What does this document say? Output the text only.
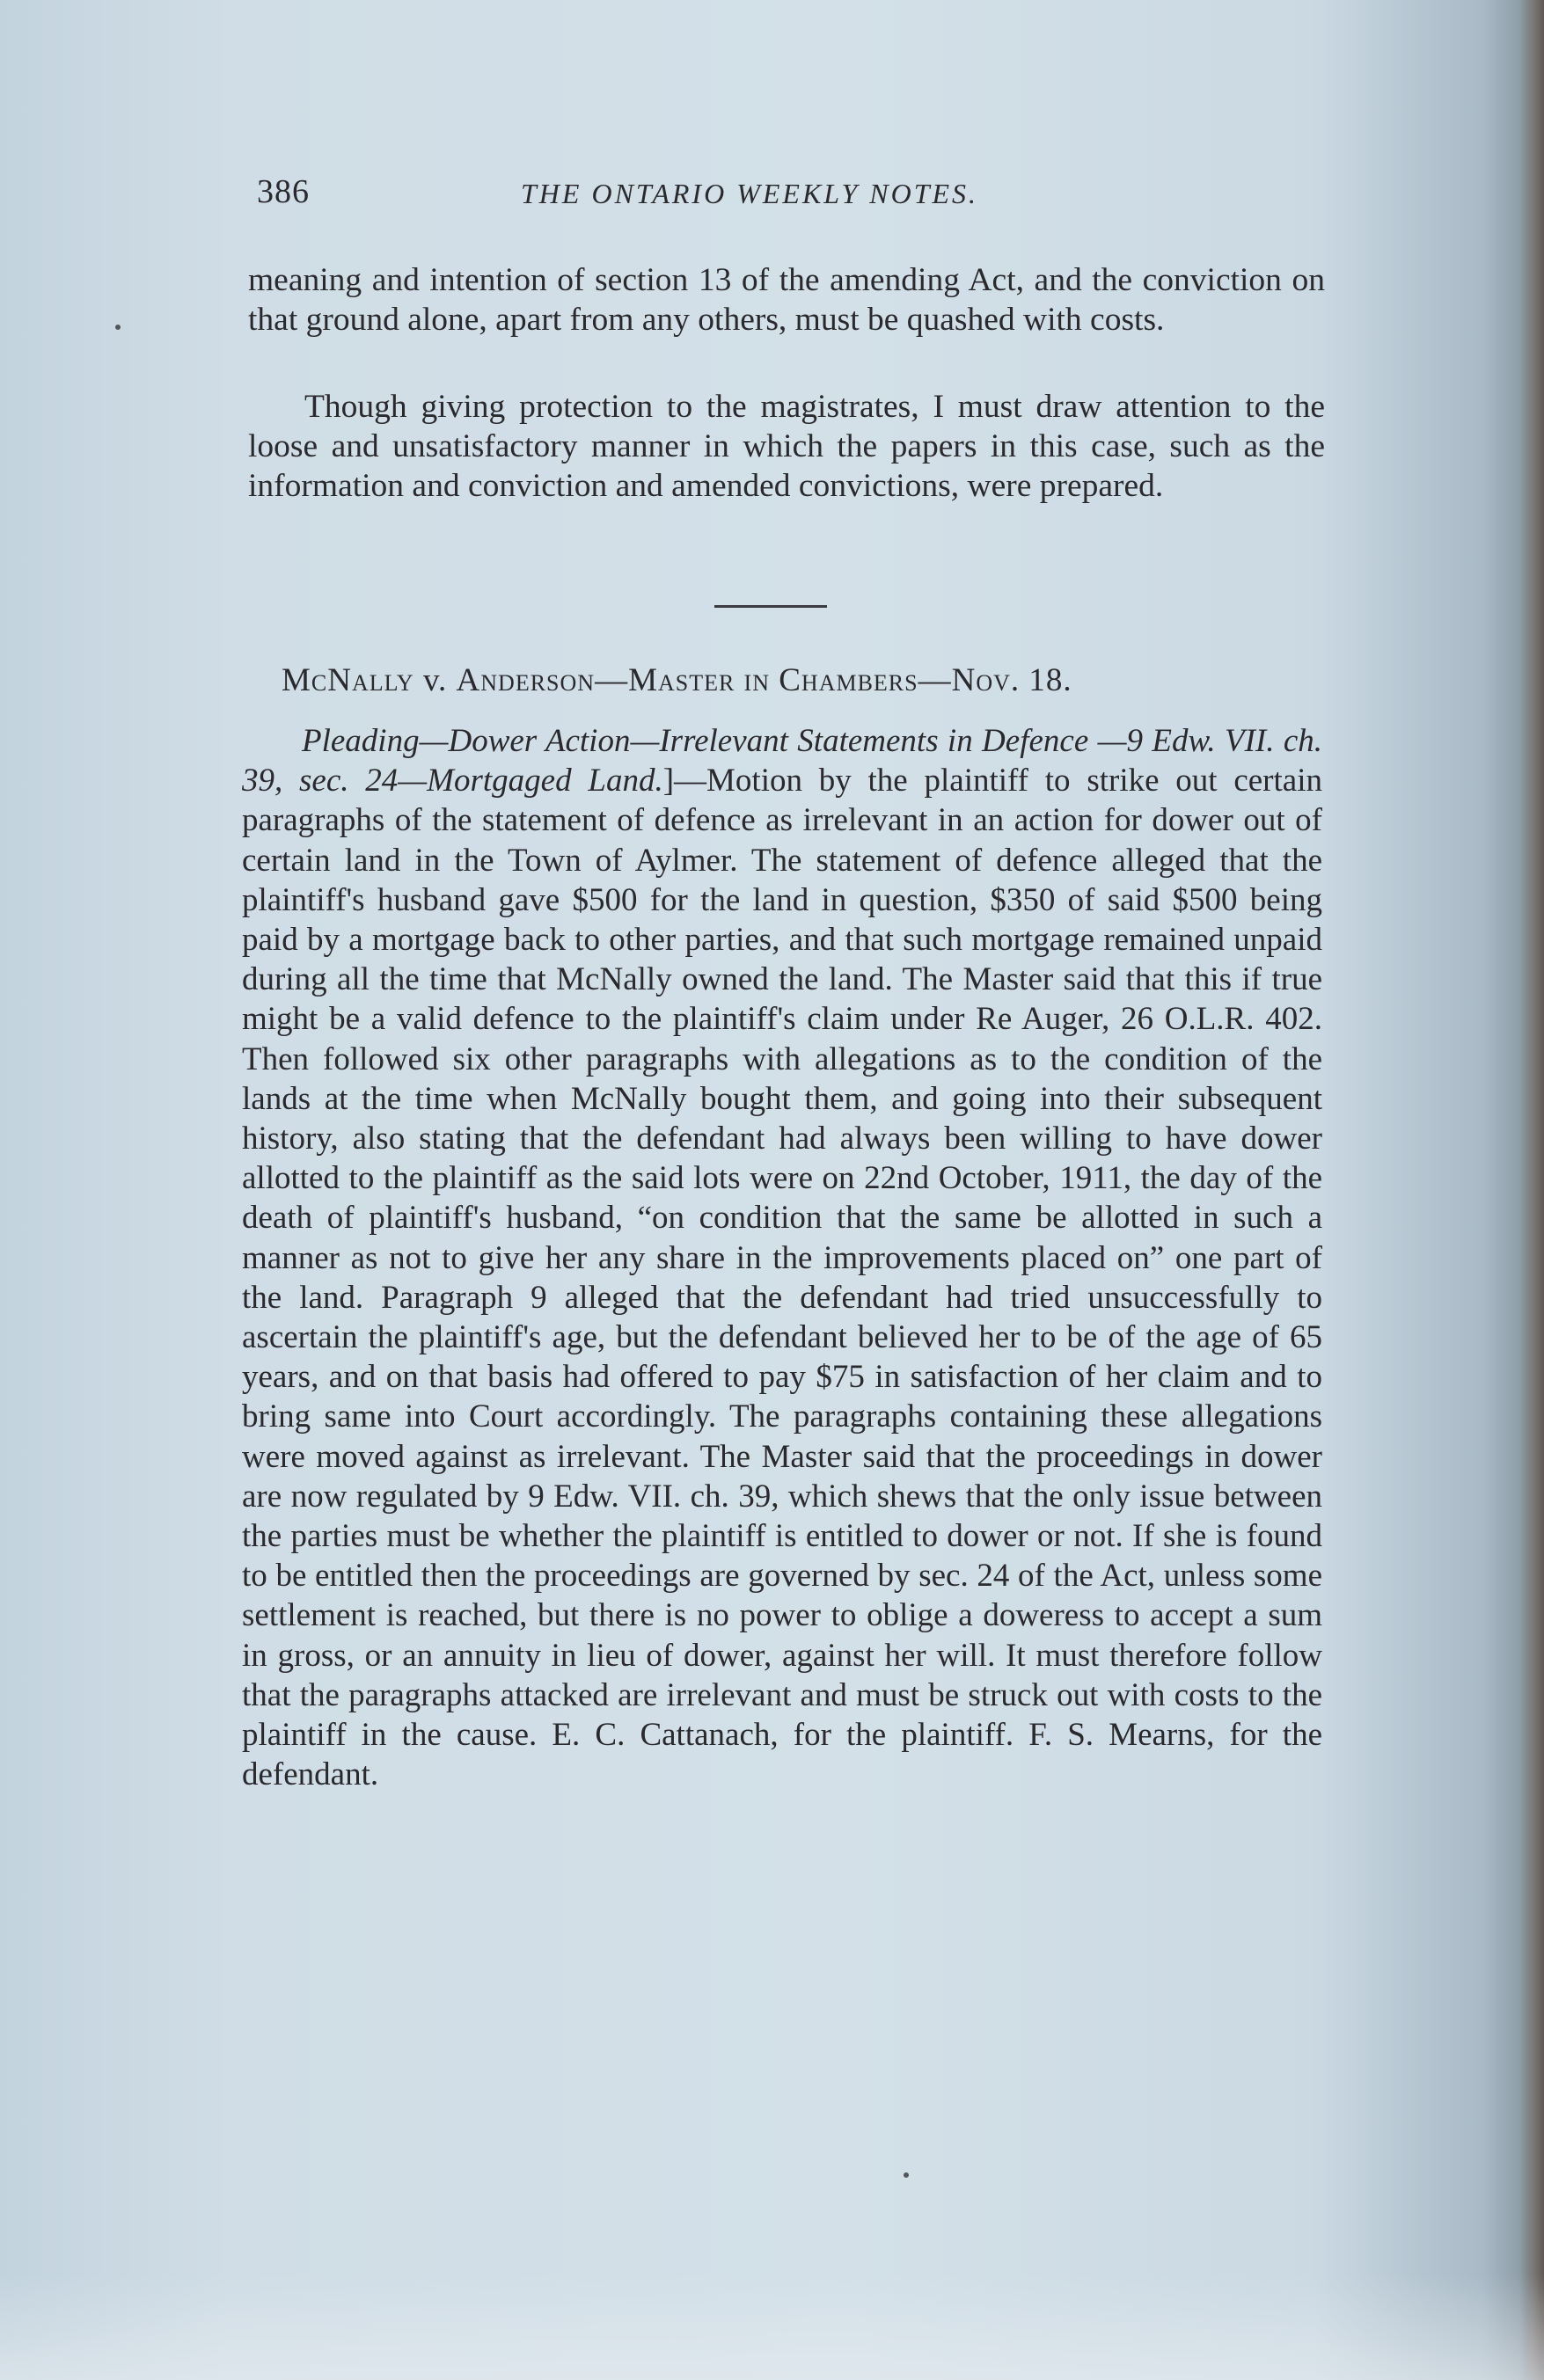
386	THE ONTARIO WEEKLY NOTES.

meaning and intention of section 13 of the amending Act, and the conviction on that ground alone, apart from any others, must be quashed with costs.

Though giving protection to the magistrates, I must draw attention to the loose and unsatisfactory manner in which the papers in this case, such as the information and conviction and amended convictions, were prepared.

McNally v. Anderson—Master in Chambers—Nov. 18.

Pleading—Dower Action—Irrelevant Statements in Defence —9 Edw. VII. ch. 39, sec. 24—Mortgaged Land.]—Motion by the plaintiff to strike out certain paragraphs of the statement of defence as irrelevant in an action for dower out of certain land in the Town of Aylmer. The statement of defence alleged that the plaintiff's husband gave $500 for the land in question, $350 of said $500 being paid by a mortgage back to other parties, and that such mortgage remained unpaid during all the time that McNally owned the land. The Master said that this if true might be a valid defence to the plaintiff's claim under Re Auger, 26 O.L.R. 402. Then followed six other paragraphs with allegations as to the condition of the lands at the time when McNally bought them, and going into their subsequent history, also stating that the defendant had always been willing to have dower allotted to the plaintiff as the said lots were on 22nd October, 1911, the day of the death of plaintiff's husband, “on condition that the same be allotted in such a manner as not to give her any share in the improvements placed on” one part of the land. Paragraph 9 alleged that the defendant had tried unsuccessfully to ascertain the plaintiff's age, but the defendant believed her to be of the age of 65 years, and on that basis had offered to pay $75 in satisfaction of her claim and to bring same into Court accordingly. The paragraphs containing these allegations were moved against as irrelevant. The Master said that the proceedings in dower are now regulated by 9 Edw. VII. ch. 39, which shews that the only issue between the parties must be whether the plaintiff is entitled to dower or not. If she is found to be entitled then the proceedings are governed by sec. 24 of the Act, unless some settlement is reached, but there is no power to oblige a doweress to accept a sum in gross, or an annuity in lieu of dower, against her will. It must therefore follow that the paragraphs attacked are irrelevant and must be struck out with costs to the plaintiff in the cause. E. C. Cattanach, for the plaintiff. F. S. Mearns, for the defendant.
